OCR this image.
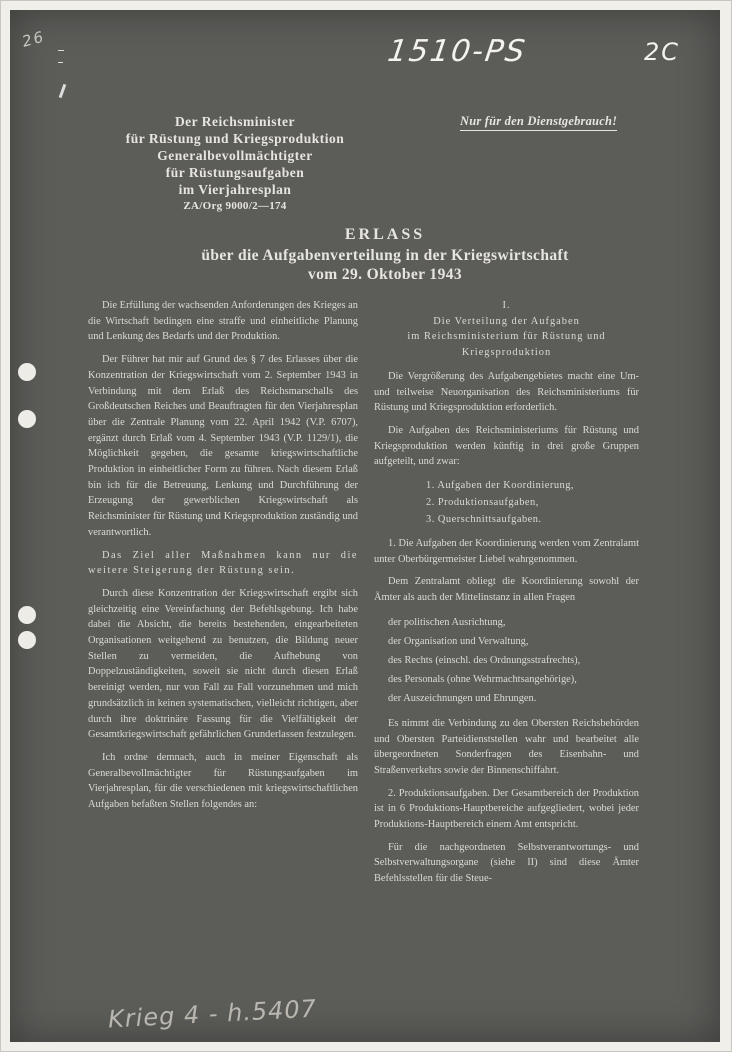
26	1510-PS	2C
Der Reichsminister
für Rüstung und Kriegsproduktion
Generalbevollmächtigter
für Rüstungsaufgaben
im Vierjahresplan
ZA/Org 9000/2—174
Nur für den Dienstgebrauch!
ERLASS
über die Aufgabenverteilung in der Kriegswirtschaft
vom 29. Oktober 1943

Die Erfüllung der wachsenden Anforderungen des Krieges an die Wirtschaft bedingen eine straffe und einheitliche Planung und Lenkung des Bedarfs und der Produktion.

Der Führer hat mir auf Grund des § 7 des Erlasses über die Konzentration der Kriegswirtschaft vom 2. September 1943 in Verbindung mit dem Erlaß des Reichsmarschalls des Großdeutschen Reiches und Beauftragten für den Vierjahresplan über die Zentrale Planung vom 22. April 1942 (V.P. 6707), ergänzt durch Erlaß vom 4. September 1943 (V.P. 1129/1), die Möglichkeit gegeben, die gesamte kriegswirtschaftliche Produktion in einheitlicher Form zu führen. Nach diesem Erlaß bin ich für die Betreuung, Lenkung und Durchführung der Erzeugung der gewerblichen Kriegswirtschaft als Reichsminister für Rüstung und Kriegsproduktion zuständig und verantwortlich.

Das Ziel aller Maßnahmen kann nur die weitere Steigerung der Rüstung sein.

Durch diese Konzentration der Kriegswirtschaft ergibt sich gleichzeitig eine Vereinfachung der Befehlsgebung. Ich habe dabei die Absicht, die bereits bestehenden, eingearbeiteten Organisationen weitgehend zu benutzen, die Bildung neuer Stellen zu vermeiden, die Aufhebung von Doppelzuständigkeiten, soweit sie nicht durch diesen Erlaß bereinigt werden, nur von Fall zu Fall vorzunehmen und mich grundsätzlich in keinen systematischen, vielleicht richtigen, aber durch ihre doktrinäre Fassung für die Vielfältigkeit der Gesamtkriegswirtschaft gefährlichen Grunderlassen festzulegen.

Ich ordne demnach, auch in meiner Eigenschaft als Generalbevollmächtigter für Rüstungsaufgaben im Vierjahresplan, für die verschiedenen mit kriegswirtschaftlichen Aufgaben befaßten Stellen folgendes an:

I.
Die Verteilung der Aufgaben
im Reichsministerium für Rüstung und
Kriegsproduktion

Die Vergrößerung des Aufgabengebietes macht eine Um- und teilweise Neuorganisation des Reichsministeriums für Rüstung und Kriegsproduktion erforderlich.

Die Aufgaben des Reichsministeriums für Rüstung und Kriegsproduktion werden künftig in drei große Gruppen aufgeteilt, und zwar:

1. Aufgaben der Koordinierung,
2. Produktionsaufgaben,
3. Querschnittsaufgaben.

1. Die Aufgaben der Koordinierung werden vom Zentralamt unter Oberbürgermeister Liebel wahrgenommen.

Dem Zentralamt obliegt die Koordinierung sowohl der Ämter als auch der Mittelinstanz in allen Fragen

der politischen Ausrichtung,
der Organisation und Verwaltung,
des Rechts (einschl. des Ordnungsstrafrechts),
des Personals (ohne Wehrmachtsangehörige),
der Auszeichnungen und Ehrungen.

Es nimmt die Verbindung zu den Obersten Reichsbehörden und Obersten Parteidienststellen wahr und bearbeitet alle übergeordneten Sonderfragen des Eisenbahn- und Straßenverkehrs sowie der Binnenschiffahrt.

2. Produktionsaufgaben. Der Gesamtbereich der Produktion ist in 6 Produktions-Hauptbereiche aufgegliedert, wobei jeder Produktions-Hauptbereich einem Amt entspricht.

Für die nachgeordneten Selbstverantwortungs- und Selbstverwaltungsorgane (siehe II) sind diese Ämter Befehlsstellen für die Steue-

Krieg 4 - h.5407
